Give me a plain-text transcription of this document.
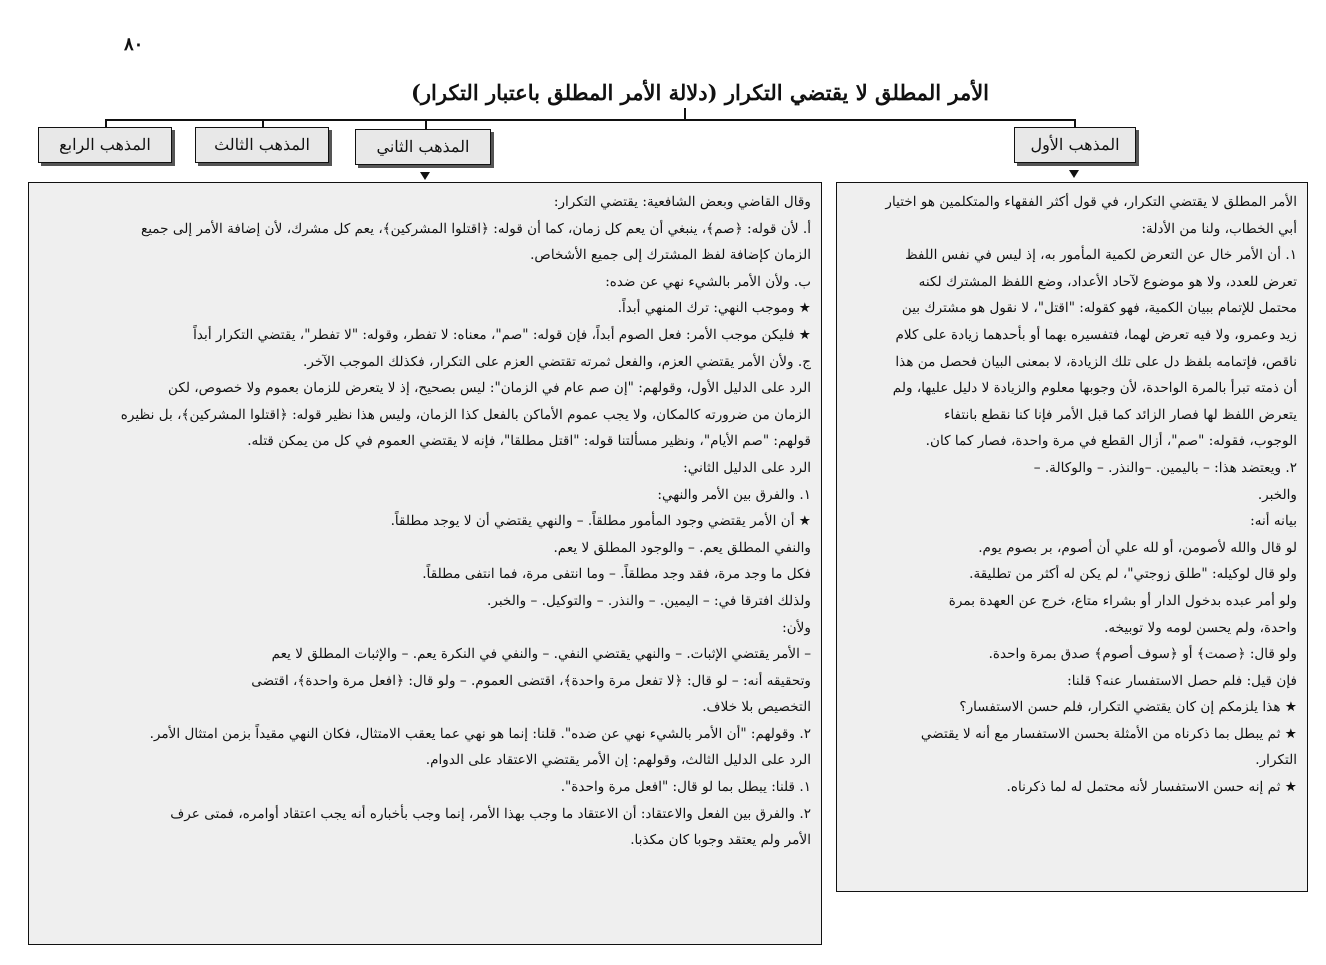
٨٠
الأمر المطلق لا يقتضي التكرار (دلالة الأمر المطلق باعتبار التكرار)
المذهب الأول
المذهب الثاني
المذهب الثالث
المذهب الرابع
الأمر المطلق لا يقتضي التكرار، في قول أكثر الفقهاء والمتكلمين هو اختيار
أبي الخطاب، ولنا من الأدلة:
١. أن الأمر خال عن التعرض لكمية المأمور به، إذ ليس في نفس اللفظ
تعرض للعدد، ولا هو موضوع لآحاد الأعداد، وضع اللفظ المشترك لكنه
محتمل للإتمام ببيان الكمية، فهو كقوله: "اقتل"، لا نقول هو مشترك بين
زيد وعمرو، ولا فيه تعرض لهما، فتفسيره بهما أو بأحدهما زيادة على كلام
ناقص، فإتمامه بلفظ دل على تلك الزيادة، لا بمعنى البيان فحصل من هذا
أن ذمته تبرأ بالمرة الواحدة، لأن وجوبها معلوم والزيادة لا دليل عليها، ولم
يتعرض اللفظ لها فصار الزائد كما قبل الأمر فإنا كنا نقطع بانتفاء
الوجوب، فقوله: "صم"، أزال القطع في مرة واحدة، فصار كما كان.
٢. ويعتضد هذا: – باليمين. –والنذر. – والوكالة. –
والخبر.
بيانه أنه:
لو قال والله لأصومن، أو لله علي أن أصوم، بر بصوم يوم.
ولو قال لوكيله: "طلق زوجتي"، لم يكن له أكثر من تطليقة.
ولو أمر عبده بدخول الدار أو بشراء متاع، خرج عن العهدة بمرة
واحدة، ولم يحسن لومه ولا توبيخه.
ولو قال: ﴿صمت﴾ أو ﴿سوف أصوم﴾ صدق بمرة واحدة.
فإن قيل: فلم حصل الاستفسار عنه؟ قلنا:
★ هذا يلزمكم إن كان يقتضي التكرار، فلم حسن الاستفسار؟
★ ثم يبطل بما ذكرناه من الأمثلة بحسن الاستفسار مع أنه لا يقتضي
التكرار.
★ ثم إنه حسن الاستفسار لأنه محتمل له لما ذكرناه.
وقال القاضي وبعض الشافعية: يقتضي التكرار:
أ. لأن قوله: ﴿صم﴾، ينبغي أن يعم كل زمان، كما أن قوله: ﴿اقتلوا المشركين﴾، يعم كل مشرك، لأن إضافة الأمر إلى جميع
الزمان كإضافة لفظ المشترك إلى جميع الأشخاص.
ب. ولأن الأمر بالشيء نهي عن ضده:
★ وموجب النهي: ترك المنهي أبداً.
★ فليكن موجب الأمر: فعل الصوم أبداً، فإن قوله: "صم"، معناه: لا تفطر، وقوله: "لا تفطر"، يقتضي التكرار أبداً
ج. ولأن الأمر يقتضي العزم، والفعل ثمرته تقتضي العزم على التكرار، فكذلك الموجب الآخر.
الرد على الدليل الأول، وقولهم: "إن صم عام في الزمان": ليس بصحيح، إذ لا يتعرض للزمان بعموم ولا خصوص، لكن
الزمان من ضرورته كالمكان، ولا يجب عموم الأماكن بالفعل كذا الزمان، وليس هذا نظير قوله: ﴿اقتلوا المشركين﴾، بل نظيره
قولهم: "صم الأيام"، ونظير مسألتنا قوله: "اقتل مطلقا"، فإنه لا يقتضي العموم في كل من يمكن قتله.
الرد على الدليل الثاني:
١. والفرق بين الأمر والنهي:
★ أن الأمر يقتضي وجود المأمور مطلقاً. – والنهي يقتضي أن لا يوجد مطلقاً.
والنفي المطلق يعم. – والوجود المطلق لا يعم.
فكل ما وجد مرة، فقد وجد مطلقاً. – وما انتفى مرة، فما انتفى مطلقاً.
ولذلك افترقا في: – اليمين. – والنذر. – والتوكيل. – والخبر.
ولأن:
– الأمر يقتضي الإثبات. – والنهي يقتضي النفي. – والنفي في النكرة يعم. – والإثبات المطلق لا يعم
وتحقيقه أنه: – لو قال: ﴿لا تفعل مرة واحدة﴾، اقتضى العموم. – ولو قال: ﴿افعل مرة واحدة﴾، اقتضى
التخصيص بلا خلاف.
٢. وقولهم: "أن الأمر بالشيء نهي عن ضده". قلنا: إنما هو نهي عما يعقب الامتثال، فكان النهي مقيداً بزمن امتثال الأمر.
الرد على الدليل الثالث، وقولهم: إن الأمر يقتضي الاعتقاد على الدوام.
١. قلنا: يبطل بما لو قال: "افعل مرة واحدة".
٢. والفرق بين الفعل والاعتقاد: أن الاعتقاد ما وجب بهذا الأمر، إنما وجب بأخباره أنه يجب اعتقاد أوامره، فمتى عرف
الأمر ولم يعتقد وجوبا كان مكذبا.
